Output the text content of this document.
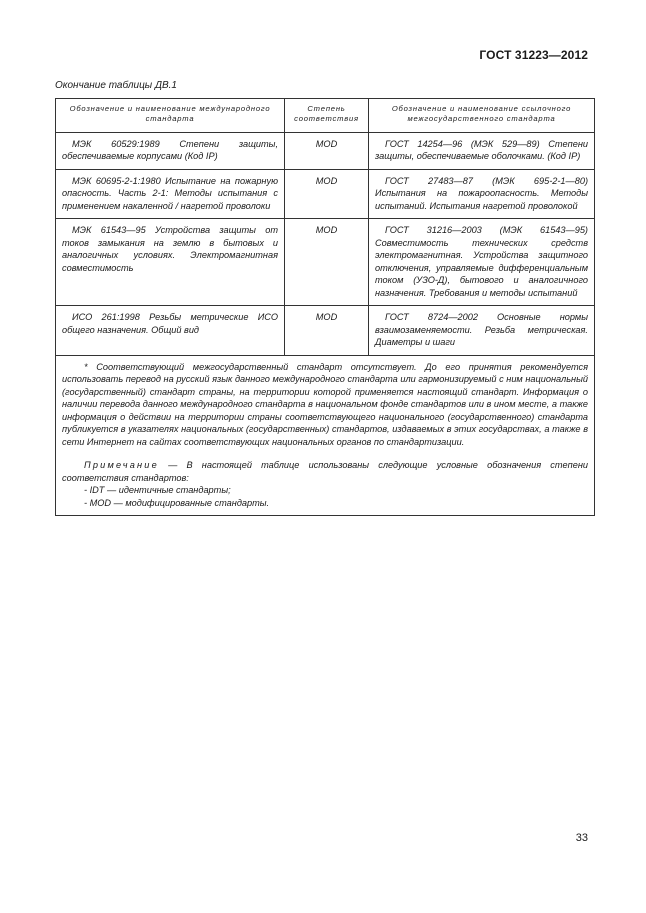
ГОСТ 31223—2012
Окончание таблицы ДВ.1
Обозначение и наименование международного стандарта	Степень соответствия	Обозначение и наименование ссылочного межгосударственного стандарта
МЭК 60529:1989 Степени защиты, обеспечиваемые корпусами (Код IP)	MOD	ГОСТ 14254—96 (МЭК 529—89) Степени защиты, обеспечиваемые оболочками. (Код IP)
МЭК 60695-2-1:1980 Испытание на пожарную опасность. Часть 2-1: Методы испытания с применением накаленной / нагретой проволоки	MOD	ГОСТ 27483—87 (МЭК 695-2-1—80) Испытания на пожароопасность. Методы испытаний. Испытания нагретой проволокой
МЭК 61543—95 Устройства защиты от токов замыкания на землю в бытовых и аналогичных условиях. Электромагнитная совместимость	MOD	ГОСТ 31216—2003 (МЭК 61543—95) Совместимость технических средств электромагнитная. Устройства защитного отключения, управляемые дифференциальным током (УЗО-Д), бытового и аналогичного назначения. Требования и методы испытаний
ИСО 261:1998 Резьбы метрические ИСО общего назначения. Общий вид	MOD	ГОСТ 8724—2002 Основные нормы взаимозаменяемости. Резьба метрическая. Диаметры и шаги

* Соответствующий межгосударственный стандарт отсутствует. До его принятия рекомендуется использовать перевод на русский язык данного международного стандарта или гармонизируемый с ним национальный (государственный) стандарт страны, на территории которой применяется настоящий стандарт. Информация о наличии перевода данного международного стандарта в национальном фонде стандартов или в ином месте, а также информация о действии на территории страны соответствующего национального (государственного) стандарта публикуется в указателях национальных (государственных) стандартов, издаваемых в этих государствах, а также в сети Интернет на сайтах соответствующих национальных органов по стандартизации.

Примечание — В настоящей таблице использованы следующие условные обозначения степени соответствия стандартов:

- IDT — идентичные стандарты;
- MOD — модифицированные стандарты.		
33
